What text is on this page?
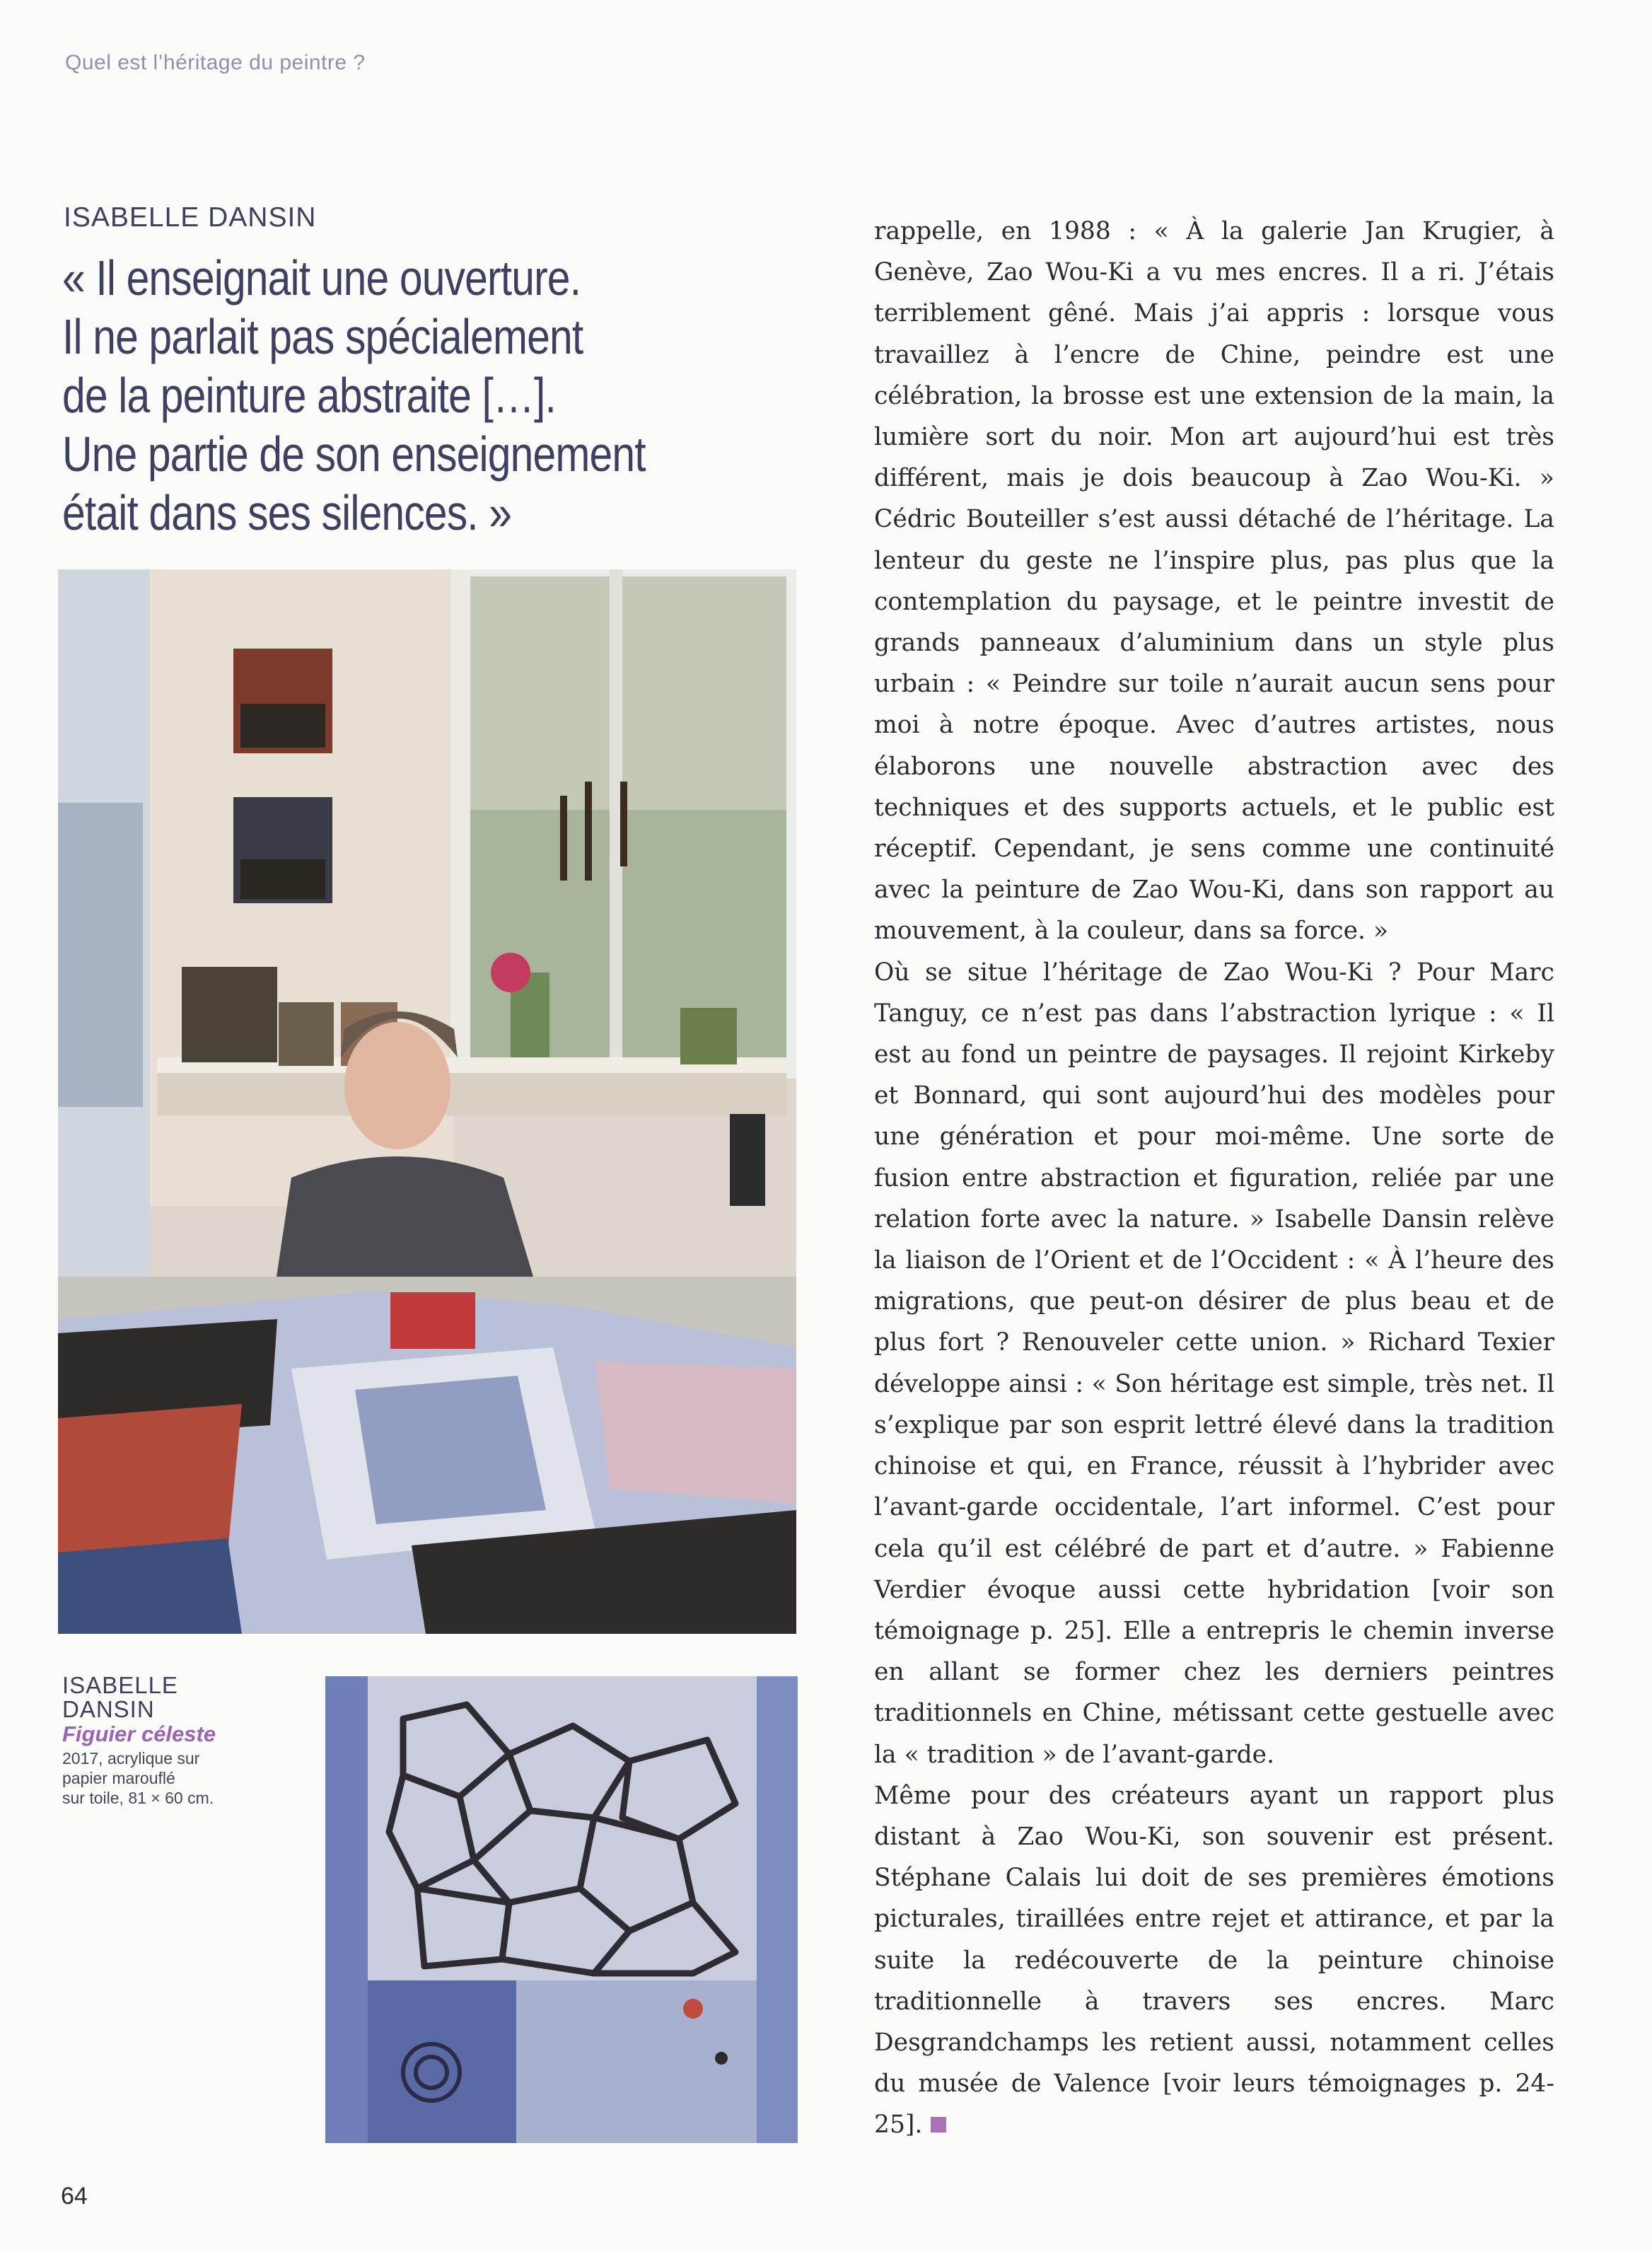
Quel est l’héritage du peintre ?
ISABELLE DANSIN

« Il enseignait une ouverture.
Il ne parlait pas spécialement
de la peinture abstraite […].
Une partie de son enseignement
était dans ses silences. »

ISABELLE
DANSIN
Figuier céleste
2017, acrylique sur
papier marouflé
sur toile, 81 × 60 cm.

rappelle, en 1988 : « À la galerie Jan Krugier, à Genève, Zao Wou-Ki a vu mes encres. Il a ri. J’étais terriblement gêné. Mais j’ai appris : lorsque vous travaillez à l’encre de Chine, peindre est une célébration, la brosse est une extension de la main, la lumière sort du noir. Mon art aujourd’hui est très différent, mais je dois beaucoup à Zao Wou-Ki. » Cédric Bouteiller s’est aussi détaché de l’héritage. La lenteur du geste ne l’inspire plus, pas plus que la contemplation du paysage, et le peintre investit de grands panneaux d’aluminium dans un style plus urbain : « Peindre sur toile n’aurait aucun sens pour moi à notre époque. Avec d’autres artistes, nous élaborons une nouvelle abstraction avec des techniques et des supports actuels, et le public est réceptif. Cependant, je sens comme une continuité avec la peinture de Zao Wou-Ki, dans son rapport au mouvement, à la couleur, dans sa force. »

Où se situe l’héritage de Zao Wou-Ki ? Pour Marc Tanguy, ce n’est pas dans l’abstraction lyrique : « Il est au fond un peintre de paysages. Il rejoint Kirkeby et Bonnard, qui sont aujourd’hui des modèles pour une génération et pour moi-même. Une sorte de fusion entre abstraction et figuration, reliée par une relation forte avec la nature. » Isabelle Dansin relève la liaison de l’Orient et de l’Occident : « À l’heure des migrations, que peut-on désirer de plus beau et de plus fort ? Renouveler cette union. » Richard Texier développe ainsi : « Son héritage est simple, très net. Il s’explique par son esprit lettré élevé dans la tradition chinoise et qui, en France, réussit à l’hybrider avec l’avant-garde occidentale, l’art informel. C’est pour cela qu’il est célébré de part et d’autre. » Fabienne Verdier évoque aussi cette hybridation [voir son témoignage p. 25]. Elle a entrepris le chemin inverse en allant se former chez les derniers peintres traditionnels en Chine, métissant cette gestuelle avec la « tradition » de l’avant-garde.

Même pour des créateurs ayant un rapport plus distant à Zao Wou-Ki, son souvenir est présent. Stéphane Calais lui doit de ses premières émotions picturales, tiraillées entre rejet et attirance, et par la suite la redécouverte de la peinture chinoise traditionnelle à travers ses encres. Marc Desgrandchamps les retient aussi, notamment celles du musée de Valence [voir leurs témoignages p. 24-25].

64
